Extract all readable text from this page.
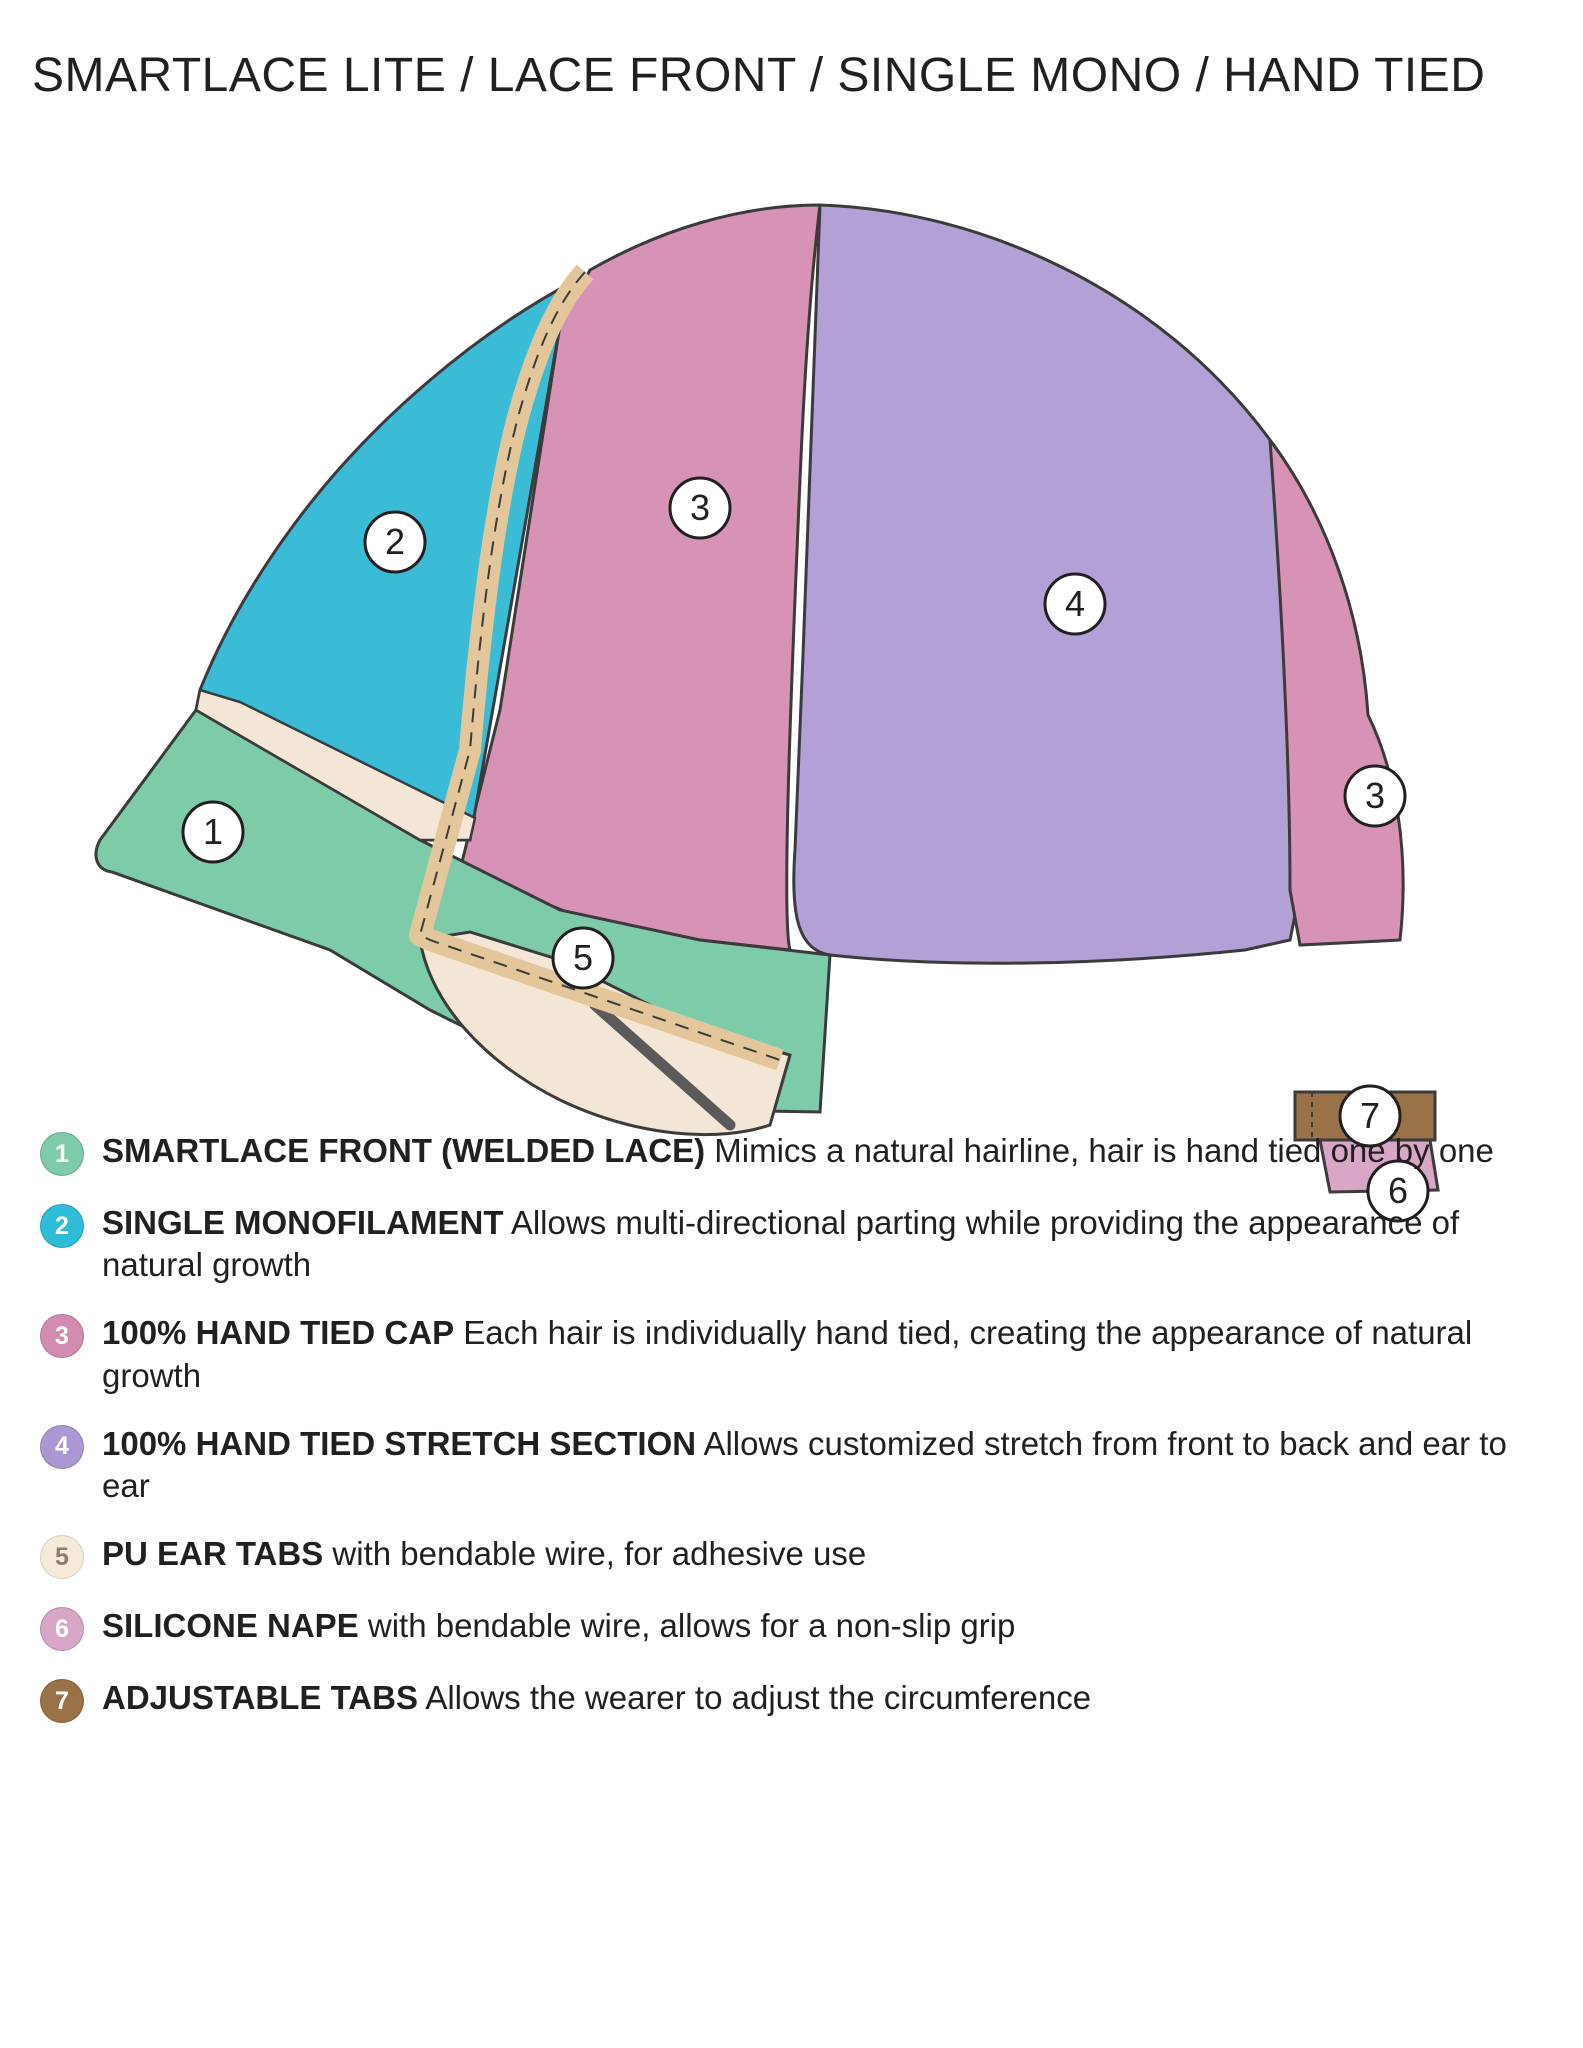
SMARTLACE LITE / LACE FRONT / SINGLE MONO / HAND TIED
1
2
3
4
3
5
7
6
1	SMARTLACE FRONT (WELDED LACE) Mimics a natural hairline, hair is hand tied one by one
2	SINGLE MONOFILAMENT Allows multi-directional parting while providing the appearance of natural growth
3	100% HAND TIED CAP Each hair is individually hand tied, creating the appearance of natural growth
4	100% HAND TIED STRETCH SECTION Allows customized stretch from front to back and ear to ear
5	PU EAR TABS with bendable wire, for adhesive use
6	SILICONE NAPE with bendable wire, allows for a non-slip grip
7	ADJUSTABLE TABS Allows the wearer to adjust the circumference
